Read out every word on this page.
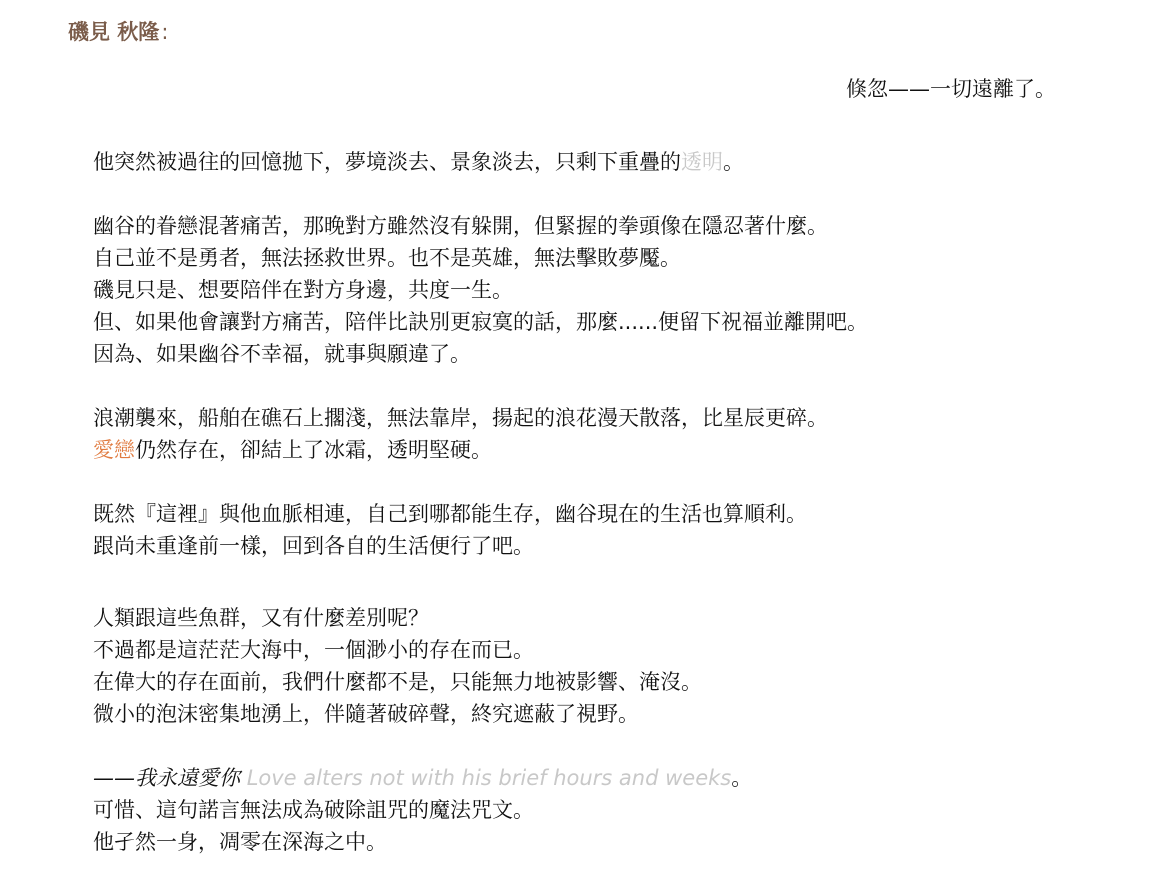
磯見 秋隆:
倏忽——一切遠離了。
他突然被過往的回憶拋下，夢境淡去、景象淡去，只剩下重疊的透明。
幽谷的眷戀混著痛苦，那晚對方雖然沒有躲開，但緊握的拳頭像在隱忍著什麼。
自己並不是勇者，無法拯救世界。也不是英雄，無法擊敗夢魘。
磯見只是、想要陪伴在對方身邊，共度一生。
但、如果他會讓對方痛苦，陪伴比訣別更寂寞的話，那麼......便留下祝福並離開吧。
因為、如果幽谷不幸福，就事與願違了。
浪潮襲來，船舶在礁石上擱淺，無法靠岸，揚起的浪花漫天散落，比星辰更碎。
愛戀仍然存在，卻結上了冰霜，透明堅硬。
既然『這裡』與他血脈相連，自己到哪都能生存，幽谷現在的生活也算順利。
跟尚未重逢前一樣，回到各自的生活便行了吧。
人類跟這些魚群，又有什麼差別呢？
不過都是這茫茫大海中，一個渺小的存在而已。
在偉大的存在面前，我們什麼都不是，只能無力地被影響、淹沒。
微小的泡沫密集地湧上，伴隨著破碎聲，終究遮蔽了視野。
——我永遠愛你 Love alters not with his brief hours and weeks。
可惜、這句諾言無法成為破除詛咒的魔法咒文。
他孑然一身，凋零在深海之中。
